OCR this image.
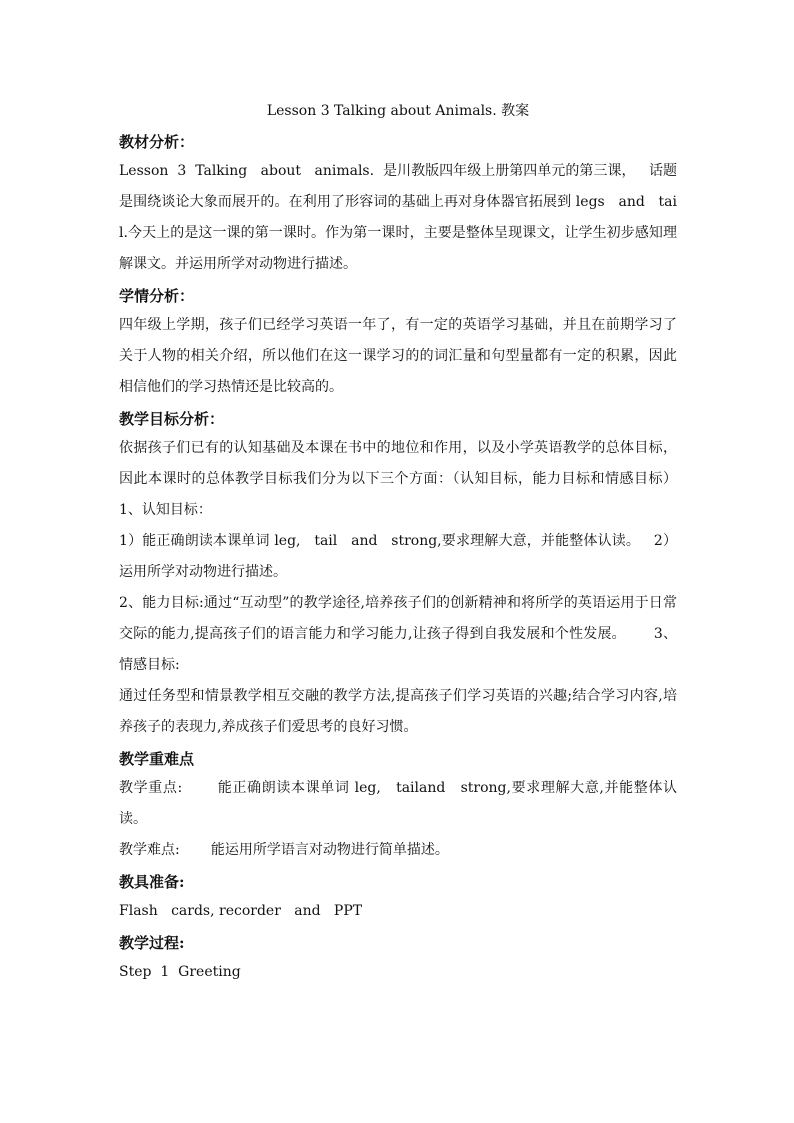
Lesson 3 Talking about Animals. 教案
教材分析：

Lesson  3  Talking   about   animals.  是川教版四年级上册第四单元的第三课，   话题是围绕谈论大象而展开的。在利用了形容词的基础上再对身体器官拓展到 legs   and   tail.今天上的是这一课的第一课时。作为第一课时，主要是整体呈现课文，让学生初步感知理解课文。并运用所学对动物进行描述。

学情分析：

四年级上学期，孩子们已经学习英语一年了，有一定的英语学习基础，并且在前期学习了关于人物的相关介绍，所以他们在这一课学习的的词汇量和句型量都有一定的积累，因此相信他们的学习热情还是比较高的。

教学目标分析：

依据孩子们已有的认知基础及本课在书中的地位和作用，以及小学英语教学的总体目标，因此本课时的总体教学目标我们分为以下三个方面：（认知目标，能力目标和情感目标）      1、认知目标：

1）能正确朗读本课单词 leg,   tail   and   strong,要求理解大意，并能整体认读。   2）运用所学对动物进行描述。

2、能力目标:通过“互动型”的教学途径,培养孩子们的创新精神和将所学的英语运用于日常交际的能力,提高孩子们的语言能力和学习能力,让孩子得到自我发展和个性发展。      3、情感目标:

通过任务型和情景教学相互交融的教学方法,提高孩子们学习英语的兴趣;结合学习内容,培养孩子的表现力,养成孩子们爱思考的良好习惯。

教学重难点

教学重点:       能正确朗读本课单词 leg,   tailand   strong,要求理解大意,并能整体认读。

教学难点:       能运用所学语言对动物进行简单描述。

教具准备:

Flash   cards, recorder   and   PPT

教学过程:

Step  1  Greeting
